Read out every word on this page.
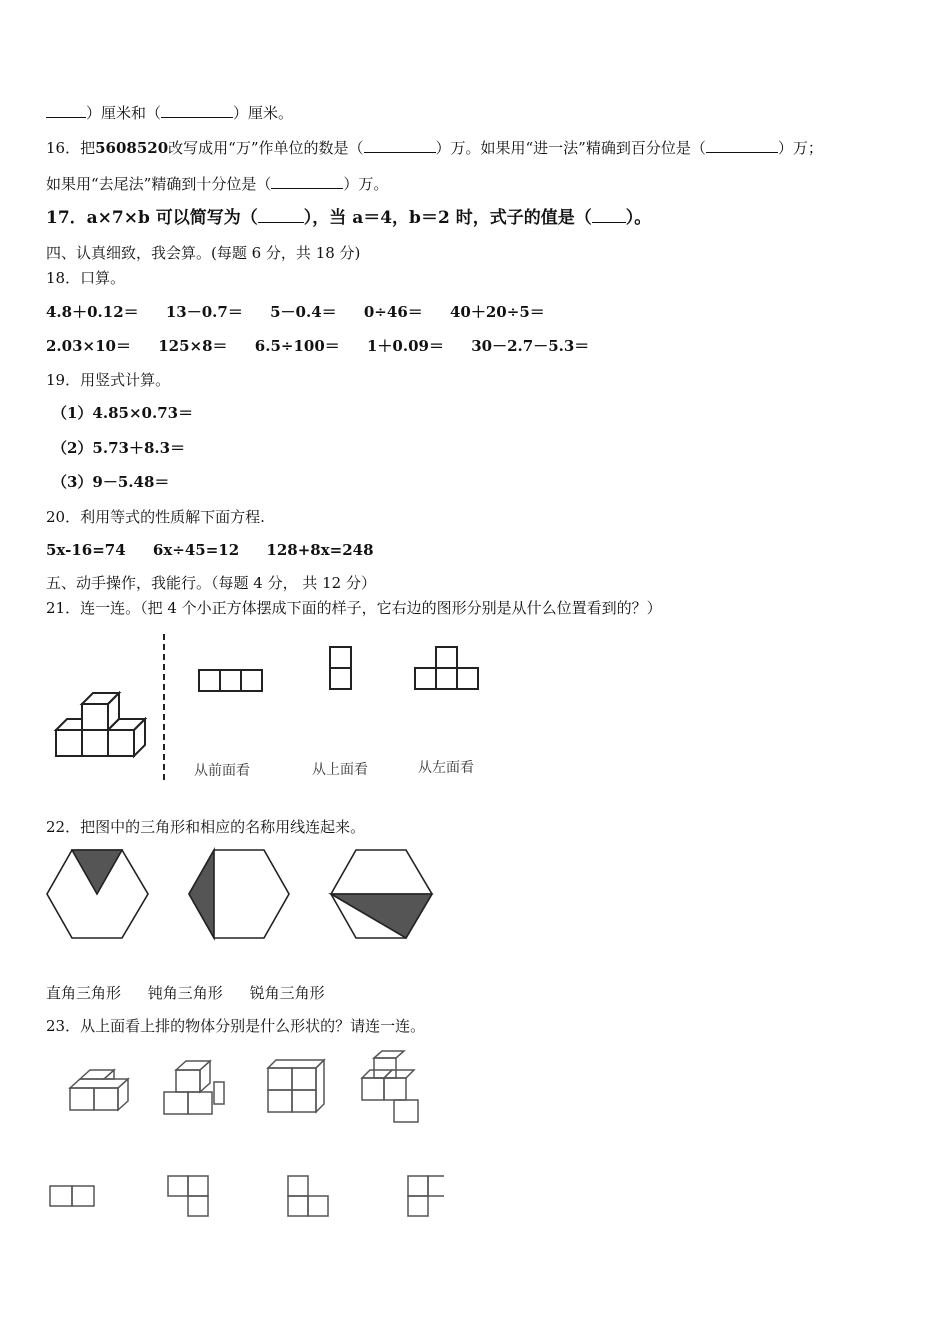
）厘米和（	）厘米。
16．把5608520改写成用“万”作单位的数是（	）万。如果用“进一法”精确到百分位是（	）万；
如果用“去尾法”精确到十分位是（	）万。
17．a×7×b 可以简写为（	），当 a＝4，b＝2 时，式子的值是（ ）。
四、认真细致，我会算。(每题 6 分，共 18 分)
18．口算。
4.8＋0.12＝ 13－0.7＝ 5－0.4＝ 0÷46＝ 40＋20÷5＝
2.03×10＝ 125×8＝ 6.5÷100＝ 1＋0.09＝ 30－2.7－5.3＝
19．用竖式计算。
（1）4.85×0.73＝
（2）5.73＋8.3＝
（3）9－5.48＝
20．利用等式的性质解下面方程.
5x-16=74 6x÷45=12 128+8x=248
五、动手操作，我能行。（每题 4 分， 共 12 分）
21．连一连。（把 4 个小正方体摆成下面的样子，它右边的图形分别是从什么位置看到的？）
从前面看	从上面看	从左面看
22．把图中的三角形和相应的名称用线连起来。
直角三角形 钝角三角形 锐角三角形
23．从上面看上排的物体分别是什么形状的？请连一连。
